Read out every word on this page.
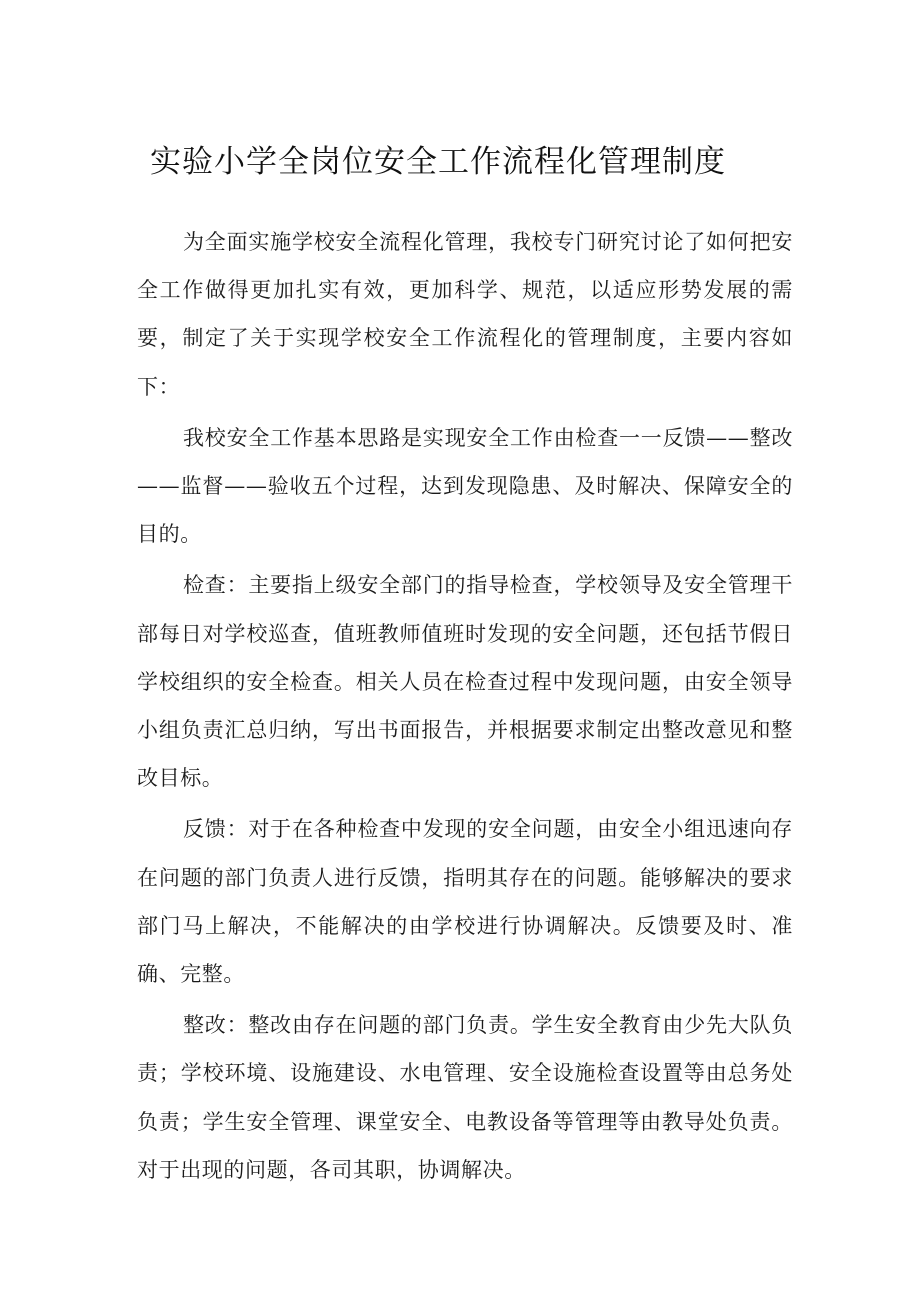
实验小学全岗位安全工作流程化管理制度

为全面实施学校安全流程化管理，我校专门研究讨论了如何把安全工作做得更加扎实有效，更加科学、规范，以适应形势发展的需要，制定了关于实现学校安全工作流程化的管理制度，主要内容如下：

我校安全工作基本思路是实现安全工作由检查一一反馈——整改——监督——验收五个过程，达到发现隐患、及时解决、保障安全的目的。

检查：主要指上级安全部门的指导检查，学校领导及安全管理干部每日对学校巡查，值班教师值班时发现的安全问题，还包括节假日学校组织的安全检查。相关人员在检查过程中发现问题，由安全领导小组负责汇总归纳，写出书面报告，并根据要求制定出整改意见和整改目标。

反馈：对于在各种检查中发现的安全问题，由安全小组迅速向存在问题的部门负责人进行反馈，指明其存在的问题。能够解决的要求部门马上解决，不能解决的由学校进行协调解决。反馈要及时、准确、完整。

整改：整改由存在问题的部门负责。学生安全教育由少先大队负责；学校环境、设施建设、水电管理、安全设施检查设置等由总务处负责；学生安全管理、课堂安全、电教设备等管理等由教导处负责。对于出现的问题，各司其职，协调解决。
